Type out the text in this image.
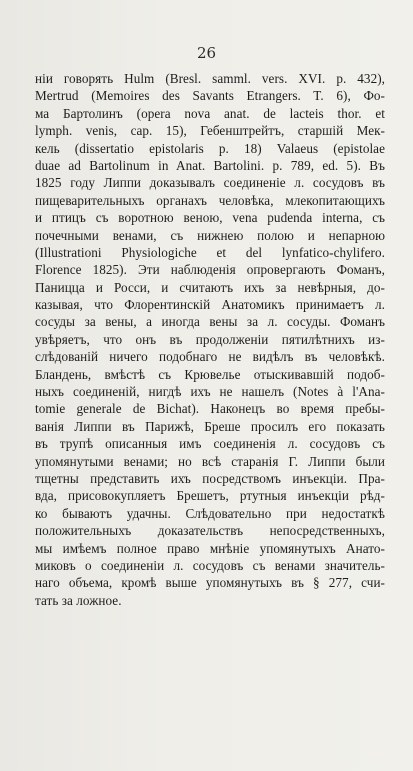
26
ніи говорять Hulm (Bresl. samml. vers. XVI. p. 432),
Mertrud (Memoires des Savants Etrangers. T. 6), Фо-
ма Бартолинъ (opera nova anat. de lacteis thor. et
lymph. venis, cap. 15), Гебенштрейтъ, старшій Мек-
кель (dissertatio epistolaris p. 18) Valaeus (epistolae
duae ad Bartolinum in Anat. Bartolini. p. 789, ed. 5). Въ
1825 году Липпи доказывалъ соединеніе л. сосудовъ въ
пищеварительныхъ органахъ человѣка, млекопитающихъ
и птицъ съ воротною веною, vena pudenda interna, съ
почечными венами, съ нижнею полою и непарною
(Illustrationi Physiologiche et del lynfatico-chylifero.
Florence 1825). Эти наблюденія опровергають Фоманъ,
Паницца и Росси, и считаютъ ихъ за невѣрныя, до-
казывая, что Флорентинскій Анатомикъ принимаетъ л.
сосуды за вены, а иногда вены за л. сосуды. Фоманъ
увѣряетъ, что онъ въ продолженіи пятилѣтнихъ из-
слѣдованій ничего подобнаго не видѣлъ въ человѣкѣ.
Бландень, вмѣстѣ съ Крювелье отыскивавшій подоб-
ныхъ соединеній, нигдѣ ихъ не нашелъ (Notes à l'Ana-
tomie generale de Bichat). Наконецъ во время пребы-
ванія Липпи въ Парижѣ, Бреше просилъ его показать
въ трупѣ описанныя имъ соединенія л. сосудовъ съ
упомянутыми венами; но всѣ старанія Г. Липпи были
тщетны представить ихъ посредствомъ инъекціи. Пра-
вда, присовокупляетъ Брешетъ, ртутныя инъекціи рѣд-
ко бываютъ удачны. Слѣдовательно при недостаткѣ
положительныхъ доказательствъ непосредственныхъ,
мы имѣемъ полное право мнѣніе упомянутыхъ Анато-
миковъ о соединеніи л. сосудовъ съ венами значитель-
наго объема, кромѣ выше упомянутыхъ въ § 277, счи-
тать за ложное.
